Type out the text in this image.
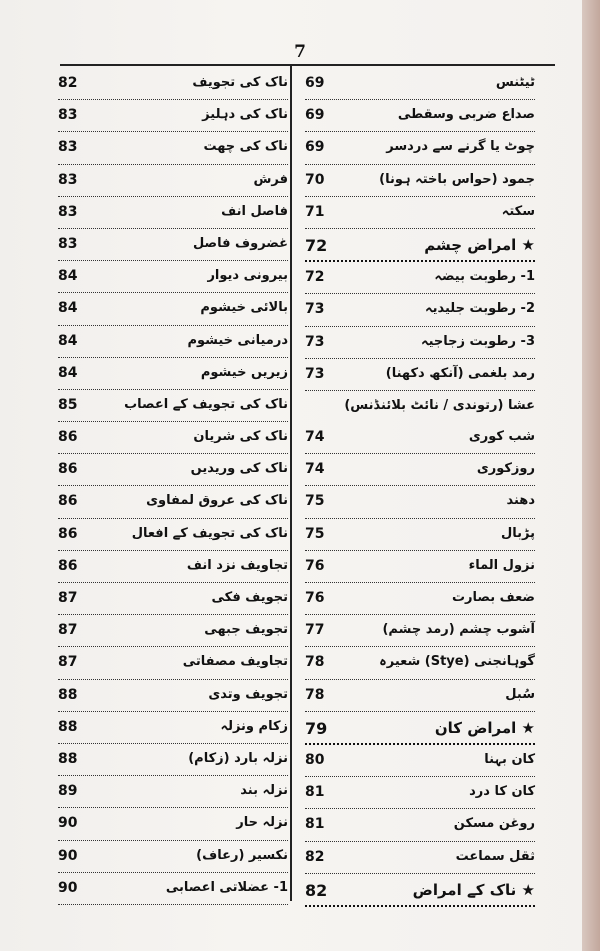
7
ناک کی تجویف
82
ناک کی دہلیز
83
ناک کی چھت
83
فرش
83
فاصل انف
83
غضروف فاصل
83
بیرونی دیوار
84
بالائی خیشوم
84
درمیانی خیشوم
84
زیریں خیشوم
84
ناک کی تجویف کے اعصاب
85
ناک کی شریان
86
ناک کی وریدیں
86
ناک کی عروق لمفاوی
86
ناک کی تجویف کے افعال
86
تجاویف نزد انف
86
تجویف فکی
87
تجویف جبھی
87
تجاویف مصفاتی
87
تجویف وتدی
88
زکام ونزلہ
88
نزلہ بارد (زکام)
88
نزلہ بند
89
نزلہ حار
90
نکسیر (رعاف)
90
1- عضلاتی اعصابی
90
ٹیٹنس
69
صداع ضربی وسقطی
69
چوٹ یا گرنے سے دردسر
69
جمود (حواس باختہ ہونا)
70
سکتہ
71
★ امراض چشم
72
1- رطوبت بیضہ
72
2- رطوبت جلیدیہ
73
3- رطوبت زجاجیہ
73
رمد بلغمی (آنکھ دکھنا)
73
عشا (رتوندی / نائٹ بلائنڈنس)
شب کوری
74
روزکوری
74
دھند
75
پڑبال
75
نزول الماء
76
ضعف بصارت
76
آشوب چشم (رمد چشم)
77
گوہانجنی (Stye) شعیرہ
78
سُبل
78
★ امراض کان
79
کان بہنا
80
کان کا درد
81
روغن مسکن
81
ثقل سماعت
82
★ ناک کے امراض
82
